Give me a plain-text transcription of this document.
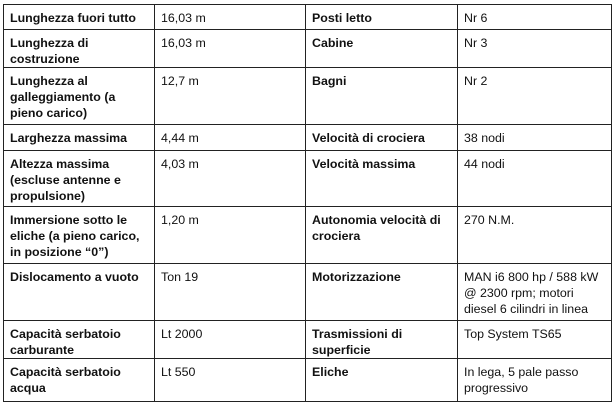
Lunghezza fuori tutto	16,03 m	Posti letto	Nr 6
Lunghezza di costruzione	16,03 m	Cabine	Nr 3
Lunghezza al galleggiamento (a pieno carico)	12,7 m	Bagni	Nr 2
Larghezza massima	4,44 m	Velocità di crociera	38 nodi
Altezza massima (escluse antenne e propulsione)	4,03 m	Velocità massima	44 nodi
Immersione sotto le eliche (a pieno carico, in posizione “0”)	1,20 m	Autonomia velocità di crociera	270 N.M.
Dislocamento a vuoto	Ton 19	Motorizzazione	MAN i6 800 hp / 588 kW @ 2300 rpm; motori diesel 6 cilindri in linea
Capacità serbatoio carburante	Lt 2000	Trasmissioni di superficie	Top System TS65
Capacità serbatoio acqua	Lt 550	Eliche	In lega, 5 pale passo progressivo
